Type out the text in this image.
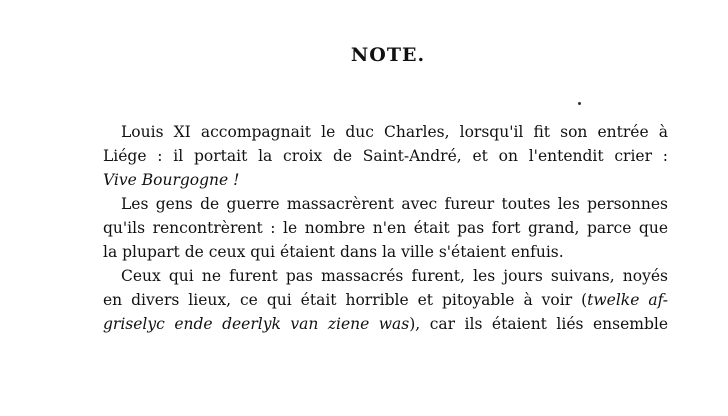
NOTE.
Louis XI accompagnait le duc Charles, lorsqu'il fit son entrée à
Liége : il portait la croix de Saint-André, et on l'entendit crier :
Vive Bourgogne !
Les gens de guerre massacrèrent avec fureur toutes les personnes
qu'ils rencontrèrent : le nombre n'en était pas fort grand, parce que
la plupart de ceux qui étaient dans la ville s'étaient enfuis.
Ceux qui ne furent pas massacrés furent, les jours suivans, noyés
en divers lieux, ce qui était horrible et pitoyable à voir (twelke af-
griselyc ende deerlyk van ziene was), car ils étaient liés ensemble
